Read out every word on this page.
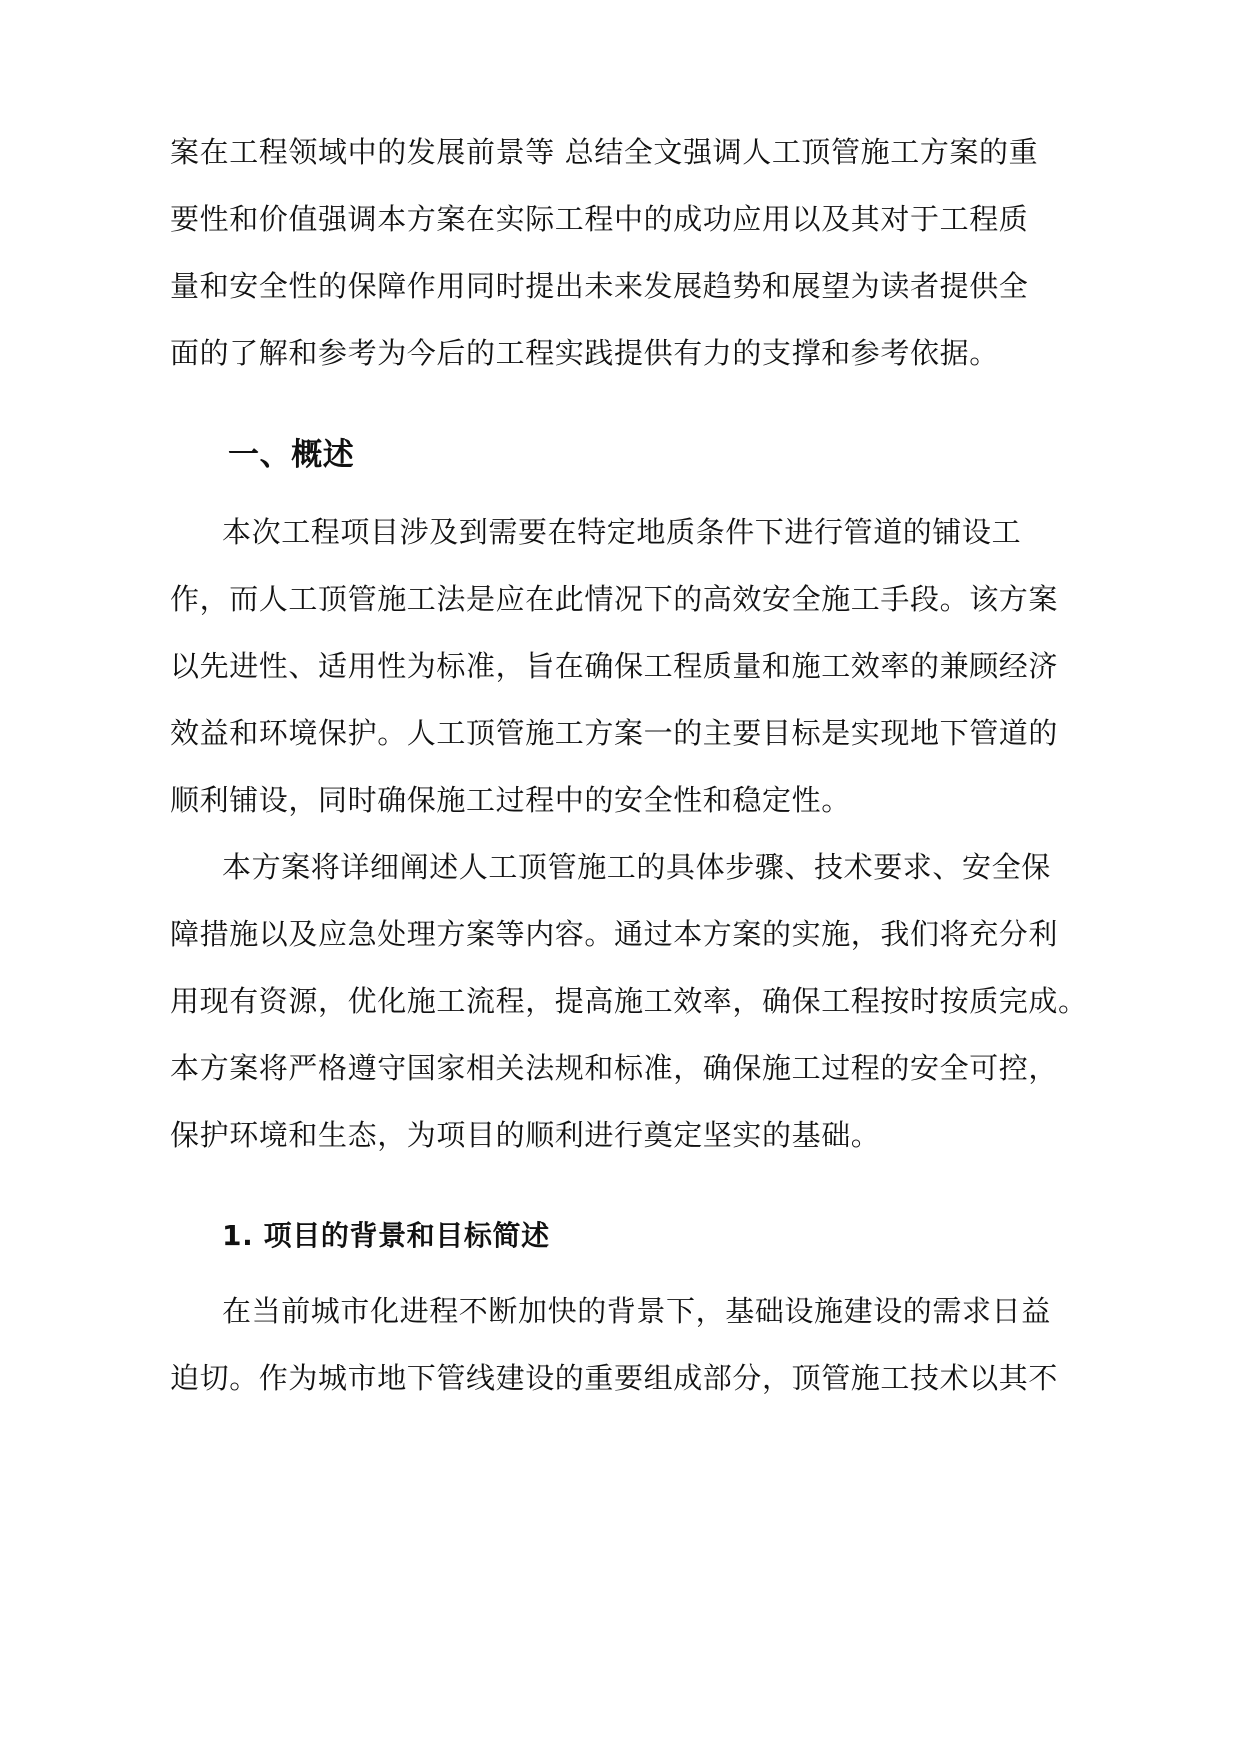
案在工程领域中的发展前景等 总结全文强调人工顶管施工方案的重
要性和价值强调本方案在实际工程中的成功应用以及其对于工程质
量和安全性的保障作用同时提出未来发展趋势和展望为读者提供全
面的了解和参考为今后的工程实践提供有力的支撑和参考依据。
一、概述
本次工程项目涉及到需要在特定地质条件下进行管道的铺设工
作，而人工顶管施工法是应在此情况下的高效安全施工手段。该方案
以先进性、适用性为标准，旨在确保工程质量和施工效率的兼顾经济
效益和环境保护。人工顶管施工方案一的主要目标是实现地下管道的
顺利铺设，同时确保施工过程中的安全性和稳定性。
本方案将详细阐述人工顶管施工的具体步骤、技术要求、安全保
障措施以及应急处理方案等内容。通过本方案的实施，我们将充分利
用现有资源，优化施工流程，提高施工效率，确保工程按时按质完成。
本方案将严格遵守国家相关法规和标准，确保施工过程的安全可控，
保护环境和生态，为项目的顺利进行奠定坚实的基础。
1. 项目的背景和目标简述
在当前城市化进程不断加快的背景下，基础设施建设的需求日益
迫切。作为城市地下管线建设的重要组成部分，顶管施工技术以其不
